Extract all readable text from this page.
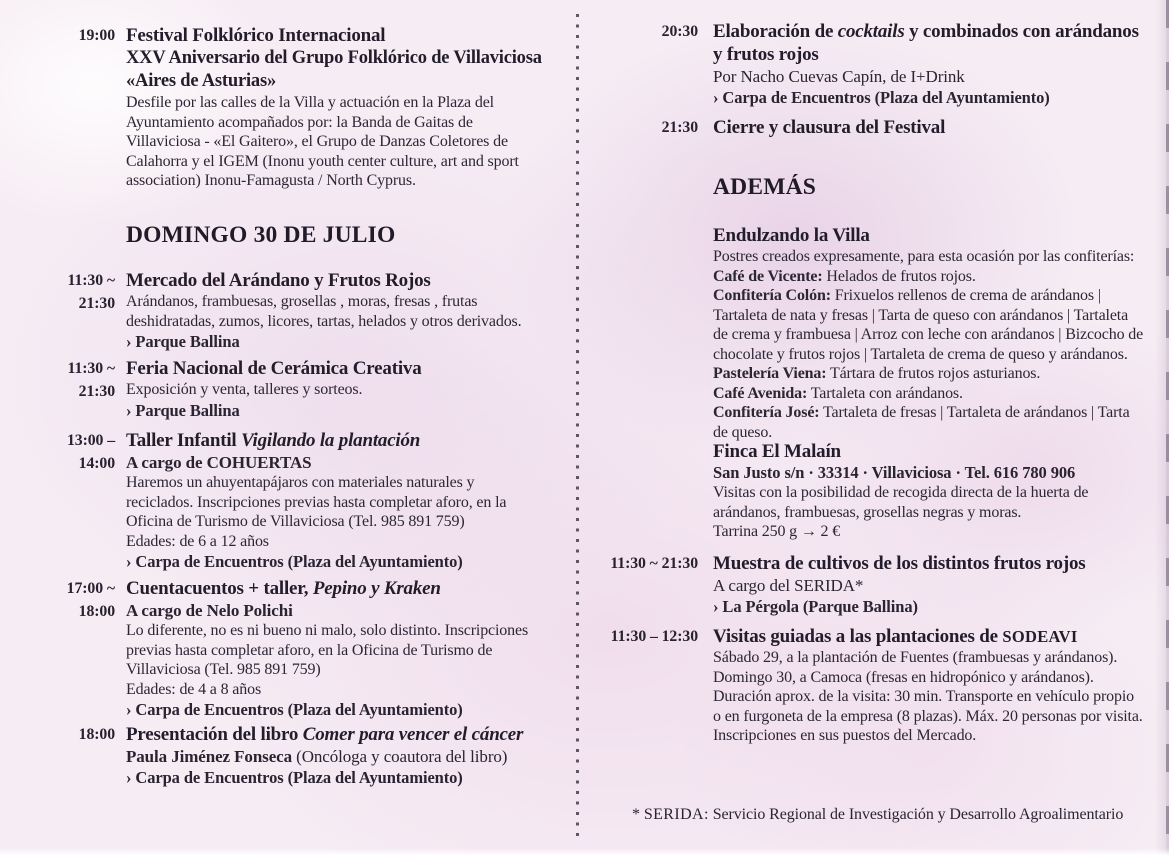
19:00 Festival Folklórico Internacional
XXV Aniversario del Grupo Folklórico de Villaviciosa «Aires de Asturias»
Desfile por las calles de la Villa y actuación en la Plaza del Ayuntamiento acompañados por: la Banda de Gaitas de Villaviciosa - «El Gaitero», el Grupo de Danzas Coletores de Calahorra y el IGEM (Inonu youth center culture, art and sport association) Inonu-Famagusta / North Cyprus.
DOMINGO 30 DE JULIO
11:30 ~ 21:30
Mercado del Arándano y Frutos Rojos
Arándanos, frambuesas, grosellas , moras, fresas , frutas deshidratadas, zumos, licores, tartas, helados y otros derivados.
› Parque Ballina
11:30 ~ 21:30
Feria Nacional de Cerámica Creativa
Exposición y venta, talleres y sorteos.
› Parque Ballina
13:00 – 14:00
Taller Infantil Vigilando la plantación
A cargo de COHUERTAS
Haremos un ahuyentapájaros con materiales naturales y reciclados. Inscripciones previas hasta completar aforo, en la Oficina de Turismo de Villaviciosa (Tel. 985 891 759)
Edades: de 6 a 12 años
› Carpa de Encuentros (Plaza del Ayuntamiento)
17:00 ~ 18:00
Cuentacuentos + taller, Pepino y Kraken
A cargo de Nelo Polichi
Lo diferente, no es ni bueno ni malo, solo distinto. Inscripciones previas hasta completar aforo, en la Oficina de Turismo de Villaviciosa (Tel. 985 891 759)
Edades: de 4 a 8 años
› Carpa de Encuentros (Plaza del Ayuntamiento)
18:00 Presentación del libro Comer para vencer el cáncer
Paula Jiménez Fonseca (Oncóloga y coautora del libro)
› Carpa de Encuentros (Plaza del Ayuntamiento)
20:30 Elaboración de cocktails y combinados con arándanos y frutos rojos
Por Nacho Cuevas Capín, de I+Drink
› Carpa de Encuentros (Plaza del Ayuntamiento)
21:30 Cierre y clausura del Festival
ADEMÁS
Endulzando la Villa
Postres creados expresamente, para esta ocasión por las confiterías:
Café de Vicente: Helados de frutos rojos.
Confitería Colón: Frixuelos rellenos de crema de arándanos | Tartaleta de nata y fresas | Tarta de queso con arándanos | Tartaleta de crema y frambuesa | Arroz con leche con arándanos | Bizcocho de chocolate y frutos rojos | Tartaleta de crema de queso y arándanos.
Pastelería Viena: Tártara de frutos rojos asturianos.
Café Avenida: Tartaleta con arándanos.
Confitería José: Tartaleta de fresas | Tartaleta de arándanos | Tarta de queso.
Finca El Malaín
San Justo s/n · 33314 · Villaviciosa · Tel. 616 780 906
Visitas con la posibilidad de recogida directa de la huerta de arándanos, frambuesas, grosellas negras y moras.
Tarrina 250 g → 2 €
11:30 ~ 21:30 Muestra de cultivos de los distintos frutos rojos
A cargo del SERIDA*
› La Pérgola (Parque Ballina)
11:30 – 12:30 Visitas guiadas a las plantaciones de SODEAVI
Sábado 29, a la plantación de Fuentes (frambuesas y arándanos). Domingo 30, a Camoca (fresas en hidropónico y arándanos). Duración aprox. de la visita: 30 min. Transporte en vehículo propio o en furgoneta de la empresa (8 plazas). Máx. 20 personas por visita. Inscripciones en sus puestos del Mercado.
* SERIDA: Servicio Regional de Investigación y Desarrollo Agroalimentario
